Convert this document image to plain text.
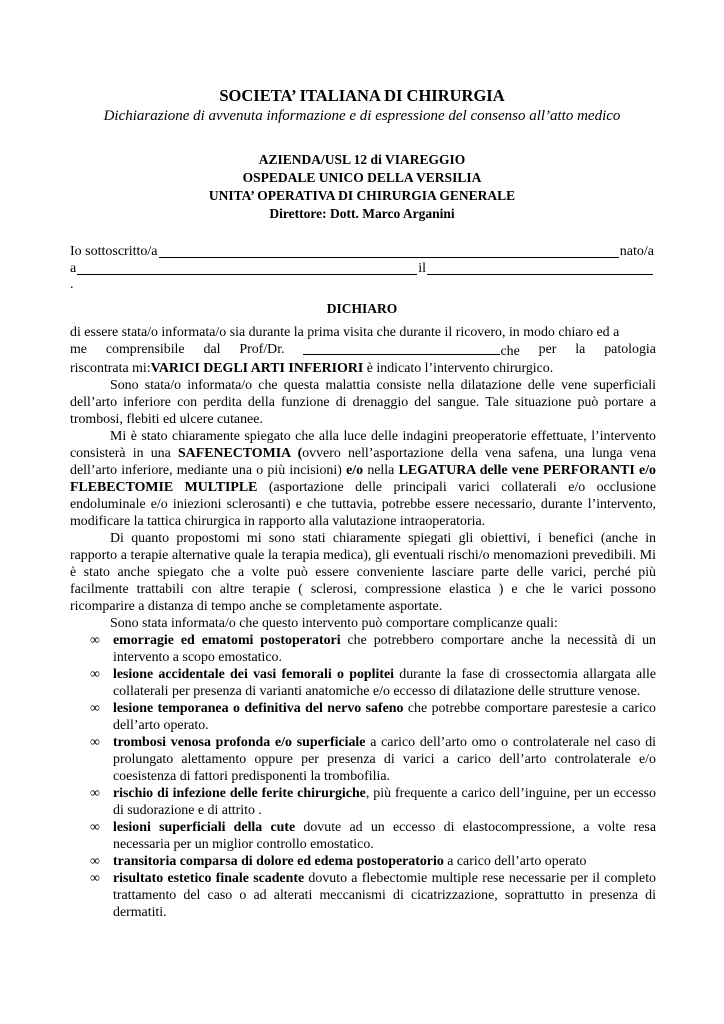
SOCIETA’ ITALIANA DI CHIRURGIA
Dichiarazione di avvenuta informazione e di espressione del consenso all’atto medico
AZIENDA/USL 12 di VIAREGGIO
OSPEDALE UNICO DELLA VERSILIA
UNITA’ OPERATIVA DI CHIRURGIA GENERALE
Direttore: Dott. Marco Arganini
Io sottoscritto/a	nato/a
a	il
.
DICHIARO

di essere stata/o informata/o sia durante la prima visita che durante il ricovero, in modo chiaro ed a
me comprensibile dal Prof/Dr.	che per la patologia
riscontrata mi:VARICI DEGLI ARTI INFERIORI è indicato l’intervento chirurgico.

Sono stata/o informata/o che questa malattia consiste nella dilatazione delle vene superficiali dell’arto inferiore con perdita della funzione di drenaggio del sangue. Tale situazione può portare a trombosi, flebiti ed ulcere cutanee.

Mi è stato chiaramente spiegato che alla luce delle indagini preoperatorie effettuate, l’intervento consisterà in una SAFENECTOMIA (ovvero nell’asportazione della vena safena, una lunga vena dell’arto inferiore, mediante una o più incisioni) e/o nella LEGATURA delle vene PERFORANTI e/o FLEBECTOMIE MULTIPLE (asportazione delle principali varici collaterali e/o occlusione endoluminale e/o iniezioni sclerosanti) e che tuttavia, potrebbe essere necessario, durante l’intervento, modificare la tattica chirurgica in rapporto alla valutazione intraoperatoria.

Di quanto propostomi mi sono stati chiaramente spiegati gli obiettivi, i benefici (anche in rapporto a terapie alternative quale la terapia medica), gli eventuali rischi/o menomazioni prevedibili. Mi è stato anche spiegato che a volte può essere conveniente lasciare parte delle varici, perché più facilmente trattabili con altre terapie ( sclerosi, compressione elastica ) e che le varici possono ricomparire a distanza di tempo anche se completamente asportate.

Sono stata informata/o che questo intervento può comportare complicanze quali:

∞ emorragie ed ematomi postoperatori che potrebbero comportare anche la necessità di un intervento a scopo emostatico.
∞ lesione accidentale dei vasi femorali o poplitei durante la fase di crossectomia allargata alle collaterali per presenza di varianti anatomiche e/o eccesso di dilatazione delle strutture venose.
∞ lesione temporanea o definitiva del nervo safeno che potrebbe comportare parestesie a carico dell’arto operato.
∞ trombosi venosa profonda e/o superficiale a carico dell’arto omo o controlaterale nel caso di prolungato alettamento oppure per presenza di varici a carico dell’arto controlaterale e/o coesistenza di fattori predisponenti la trombofilia.
∞ rischio di infezione delle ferite chirurgiche, più frequente a carico dell’inguine, per un eccesso di sudorazione e di attrito .
∞ lesioni superficiali della cute dovute ad un eccesso di elastocompressione, a volte resa necessaria per un miglior controllo emostatico.
∞ transitoria comparsa di dolore ed edema postoperatorio a carico dell’arto operato
∞ risultato estetico finale scadente dovuto a flebectomie multiple rese necessarie per il completo trattamento del caso o ad alterati meccanismi di cicatrizzazione, soprattutto in presenza di dermatiti.
